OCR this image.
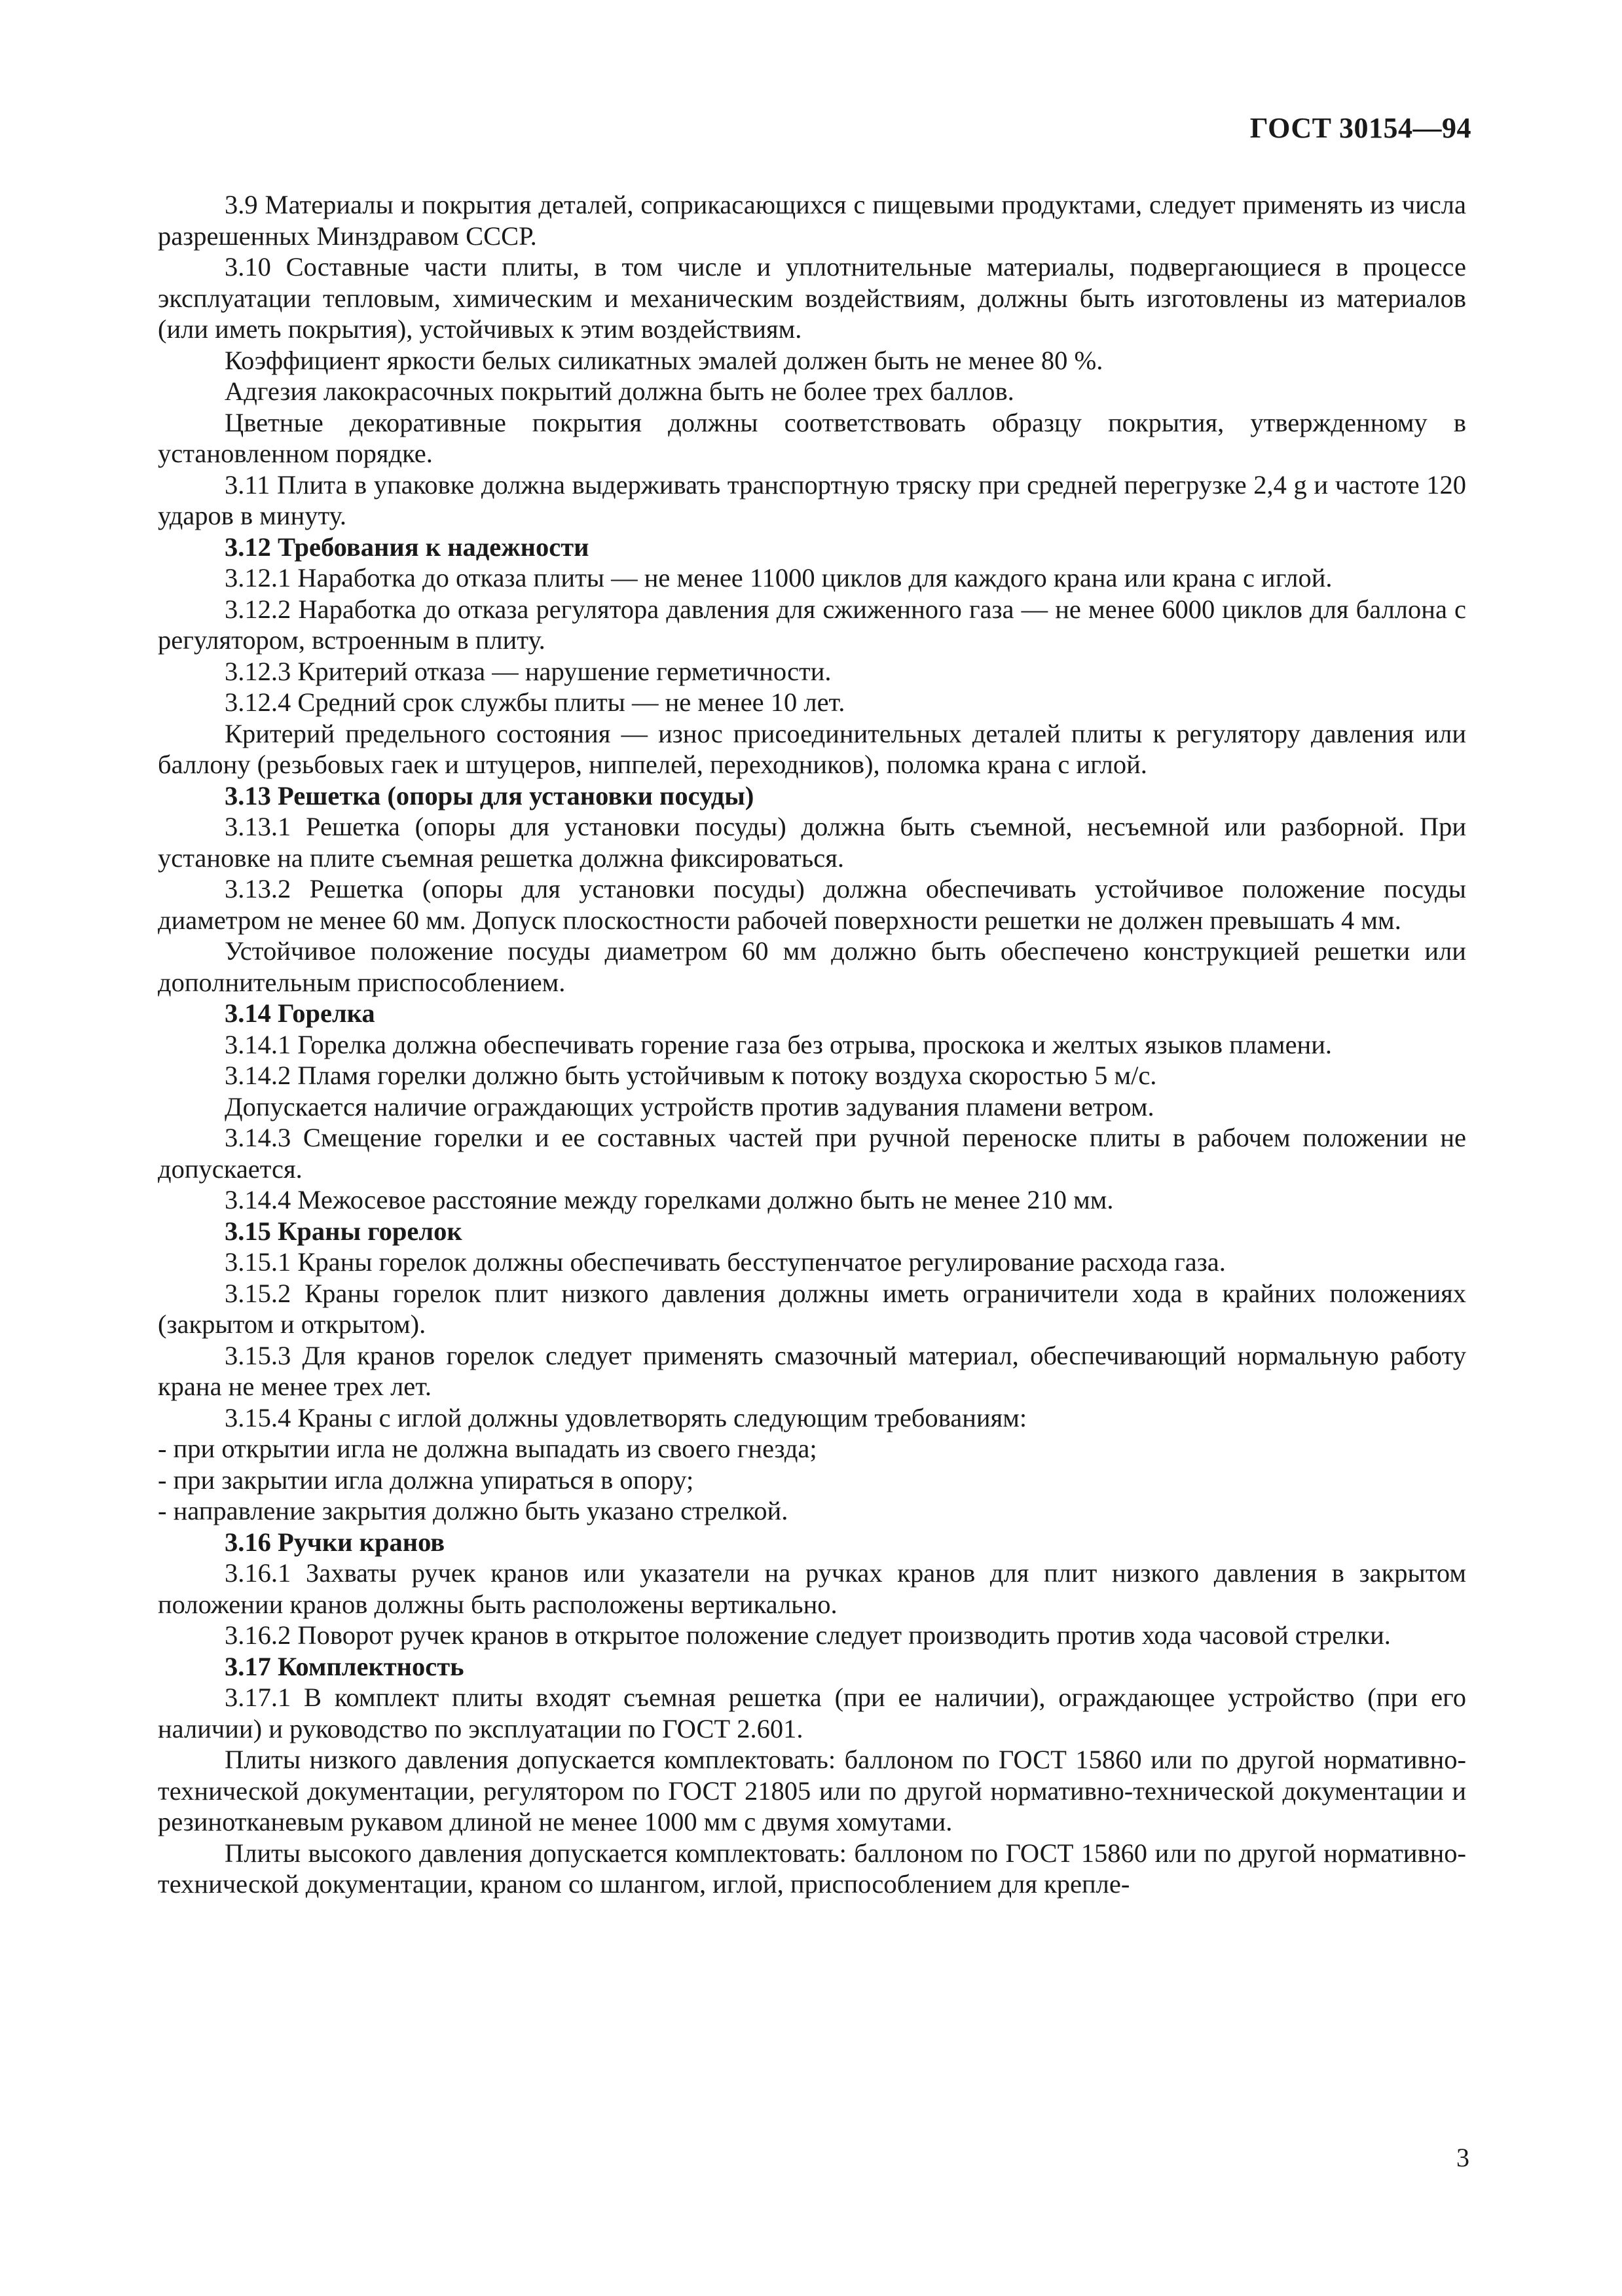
ГОСТ 30154—94

3.9 Материалы и покрытия деталей, соприкасающихся с пищевыми продуктами, следует применять из числа разрешенных Минздравом СССР.

3.10 Составные части плиты, в том числе и уплотнительные материалы, подвергающиеся в процессе эксплуатации тепловым, химическим и механическим воздействиям, должны быть изготовлены из материалов (или иметь покрытия), устойчивых к этим воздействиям.

Коэффициент яркости белых силикатных эмалей должен быть не менее 80 %.

Адгезия лакокрасочных покрытий должна быть не более трех баллов.

Цветные декоративные покрытия должны соответствовать образцу покрытия, утвержденному в установленном порядке.

3.11 Плита в упаковке должна выдерживать транспортную тряску при средней перегрузке 2,4 g и частоте 120 ударов в минуту.

3.12 Требования к надежности

3.12.1 Наработка до отказа плиты — не менее 11000 циклов для каждого крана или крана с иглой.

3.12.2 Наработка до отказа регулятора давления для сжиженного газа — не менее 6000 циклов для баллона с регулятором, встроенным в плиту.

3.12.3 Критерий отказа — нарушение герметичности.

3.12.4 Средний срок службы плиты — не менее 10 лет.

Критерий предельного состояния — износ присоединительных деталей плиты к регулятору давления или баллону (резьбовых гаек и штуцеров, ниппелей, переходников), поломка крана с иглой.

3.13 Решетка (опоры для установки посуды)

3.13.1 Решетка (опоры для установки посуды) должна быть съемной, несъемной или разборной. При установке на плите съемная решетка должна фиксироваться.

3.13.2 Решетка (опоры для установки посуды) должна обеспечивать устойчивое положение посуды диаметром не менее 60 мм. Допуск плоскостности рабочей поверхности решетки не должен превышать 4 мм.

Устойчивое положение посуды диаметром 60 мм должно быть обеспечено конструкцией решетки или дополнительным приспособлением.

3.14 Горелка

3.14.1 Горелка должна обеспечивать горение газа без отрыва, проскока и желтых языков пламени.

3.14.2 Пламя горелки должно быть устойчивым к потоку воздуха скоростью 5 м/с.

Допускается наличие ограждающих устройств против задувания пламени ветром.

3.14.3 Смещение горелки и ее составных частей при ручной переноске плиты в рабочем положении не допускается.

3.14.4 Межосевое расстояние между горелками должно быть не менее 210 мм.

3.15 Краны горелок

3.15.1 Краны горелок должны обеспечивать бесступенчатое регулирование расхода газа.

3.15.2 Краны горелок плит низкого давления должны иметь ограничители хода в крайних положениях (закрытом и открытом).

3.15.3 Для кранов горелок следует применять смазочный материал, обеспечивающий нормальную работу крана не менее трех лет.

3.15.4 Краны с иглой должны удовлетворять следующим требованиям:

- при открытии игла не должна выпадать из своего гнезда;

- при закрытии игла должна упираться в опору;

- направление закрытия должно быть указано стрелкой.

3.16 Ручки кранов

3.16.1 Захваты ручек кранов или указатели на ручках кранов для плит низкого давления в закрытом положении кранов должны быть расположены вертикально.

3.16.2 Поворот ручек кранов в открытое положение следует производить против хода часовой стрелки.

3.17 Комплектность

3.17.1 В комплект плиты входят съемная решетка (при ее наличии), ограждающее устройство (при его наличии) и руководство по эксплуатации по ГОСТ 2.601.

Плиты низкого давления допускается комплектовать: баллоном по ГОСТ 15860 или по другой нормативно-технической документации, регулятором по ГОСТ 21805 или по другой нормативно-технической документации и резинотканевым рукавом длиной не менее 1000 мм с двумя хомутами.

Плиты высокого давления допускается комплектовать: баллоном по ГОСТ 15860 или по другой нормативно-технической документации, краном со шлангом, иглой, приспособлением для крепле-

3
